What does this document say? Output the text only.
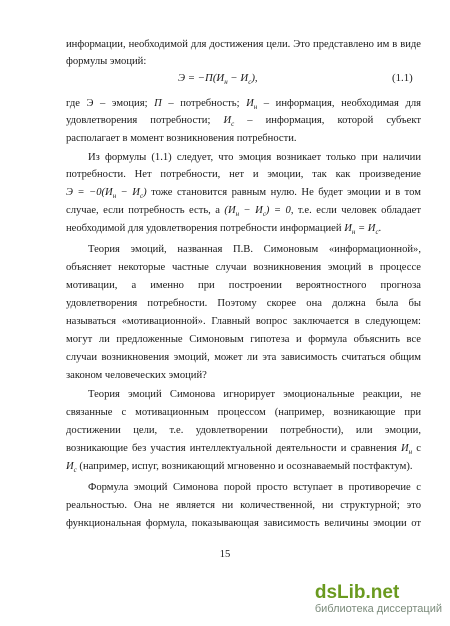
информации, необходимой для достижения цели. Это представлено им в виде
формулы эмоций:
$Э = -П(И_н - И_с)$,	(1.1)
где Э – эмоция; П – потребность; $И_н$ – информация, необходимая для
удовлетворения потребности; $И_с$ – информация, которой субъект
располагает в момент возникновения потребности.
Из формулы (1.1) следует, что эмоция возникает только при наличии
потребности. Нет потребности, нет и эмоции, так как произведение
$Э = -0(И_н - И_с)$ тоже становится равным нулю. Не будет эмоции и в том
случае, если потребность есть, а $(И_н - И_с) = 0$, т.е. если человек обладает
необходимой для удовлетворения потребности информацией $И_н = И_с$.
Теория эмоций, названная П.В. Симоновым «информационной»,
объясняет некоторые частные случаи возникновения эмоций в процессе
мотивации, а именно при построении вероятностного прогноза
удовлетворения потребности. Поэтому скорее она должна была бы
называться «мотивационной». Главный вопрос заключается в следующем:
могут ли предложенные Симоновым гипотеза и формула объяснить все
случаи возникновения эмоций, может ли эта зависимость считаться общим
законом человеческих эмоций?
Теория эмоций Симонова игнорирует эмоциональные реакции, не
связанные с мотивационным процессом (например, возникающие при
достижении цели, т.е. удовлетворении потребности), или эмоции,
возникающие без участия интеллектуальной деятельности и сравнения $И_н$ с
$И_с$ (например, испуг, возникающий мгновенно и осознаваемый постфактум).
Формула эмоций Симонова порой просто вступает в противоречие с
реальностью. Она не является ни количественной, ни структурной; это
функциональная формула, показывающая зависимость величины эмоции от
15
dsLib.net
библиотека диссертаций
